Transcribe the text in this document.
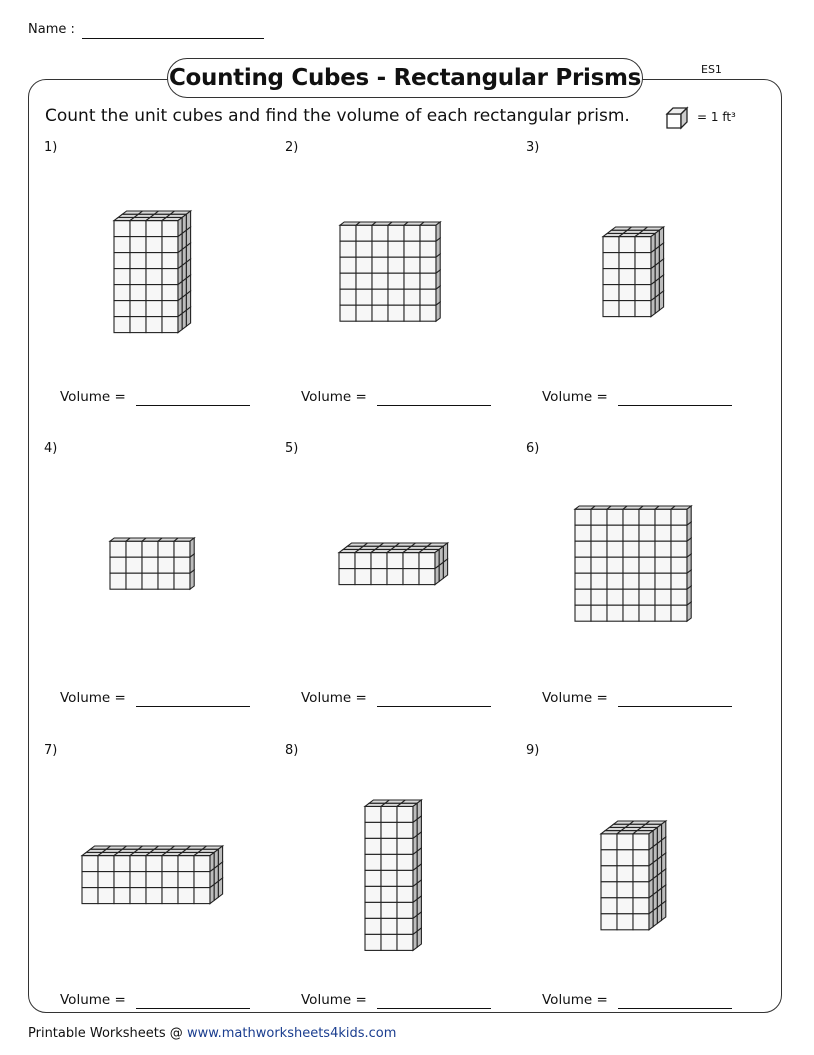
Name :
ES1
Counting Cubes - Rectangular Prisms
Count the unit cubes and find the volume of each rectangular prism.	= 1 ft³
1)
Volume =
2)
Volume =
3)
Volume =
4)
Volume =
5)
Volume =
6)
Volume =
7)
Volume =
8)
Volume =
9)
Volume =
Printable Worksheets @ www.mathworksheets4kids.com
